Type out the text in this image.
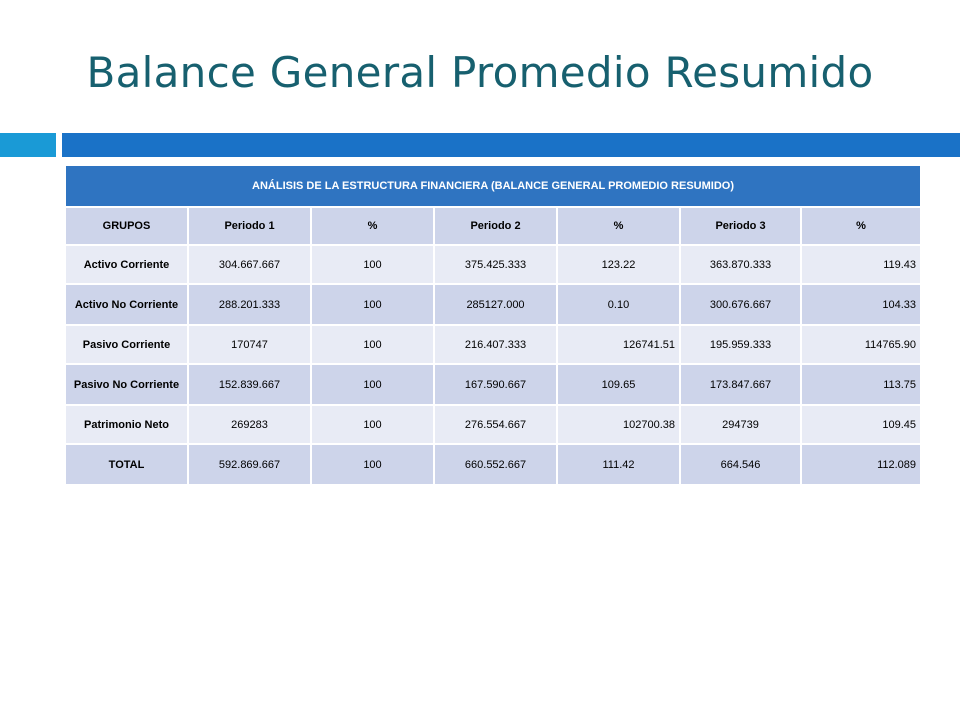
Balance General Promedio Resumido
ANÁLISIS DE LA ESTRUCTURA FINANCIERA (BALANCE GENERAL PROMEDIO RESUMIDO)						
GRUPOS	Periodo 1	%	Periodo 2	%	Periodo 3	%
Activo Corriente	304.667.667	100	375.425.333	123.22	363.870.333	119.43
Activo No Corriente	288.201.333	100	285127.000	0.10	300.676.667	104.33
Pasivo Corriente	170747	100	216.407.333	126741.51	195.959.333	114765.90
Pasivo No Corriente	152.839.667	100	167.590.667	109.65	173.847.667	113.75
Patrimonio Neto	269283	100	276.554.667	102700.38	294739	109.45
TOTAL	592.869.667	100	660.552.667	111.42	664.546	112.089
